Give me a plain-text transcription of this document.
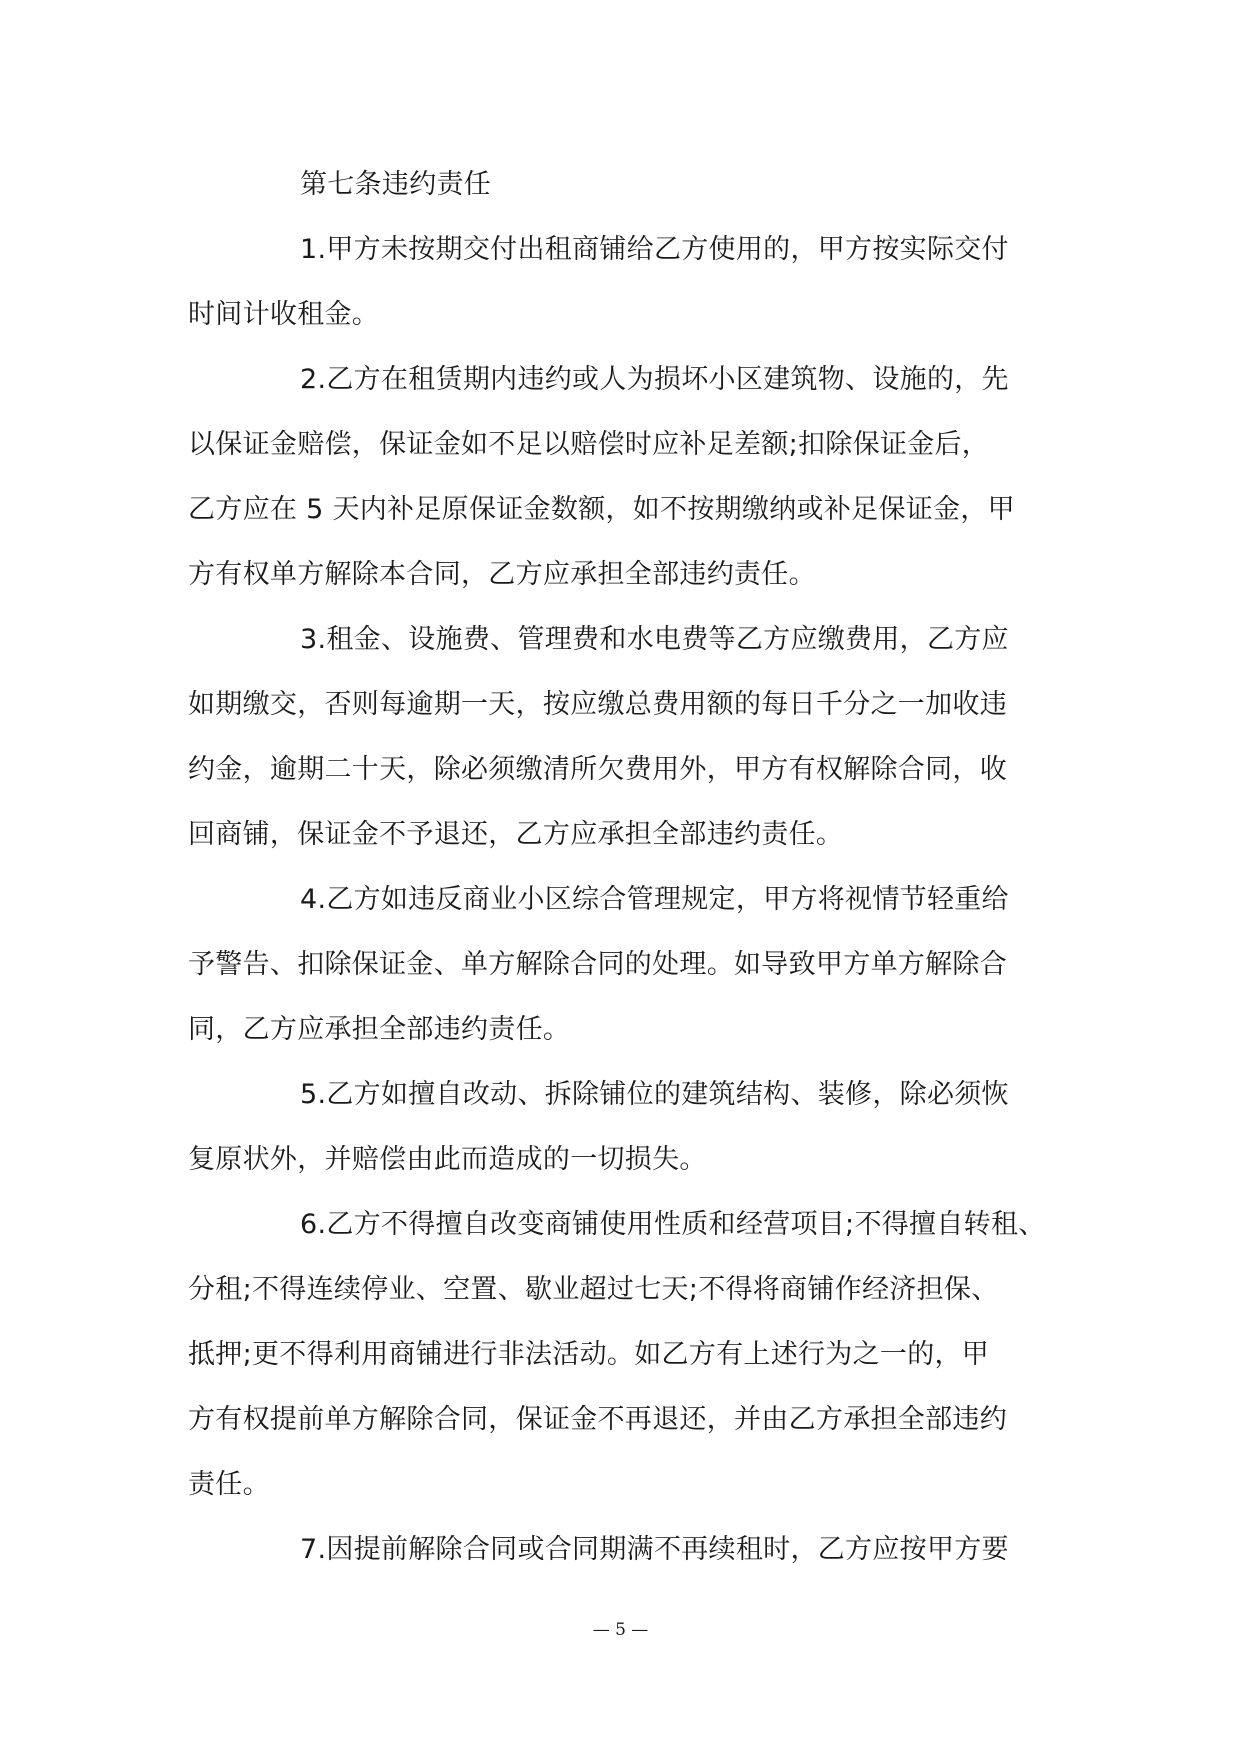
第七条违约责任
1.甲方未按期交付出租商铺给乙方使用的，甲方按实际交付
时间计收租金。
2.乙方在租赁期内违约或人为损坏小区建筑物、设施的，先
以保证金赔偿，保证金如不足以赔偿时应补足差额;扣除保证金后，
乙方应在 5 天内补足原保证金数额，如不按期缴纳或补足保证金，甲
方有权单方解除本合同，乙方应承担全部违约责任。
3.租金、设施费、管理费和水电费等乙方应缴费用，乙方应
如期缴交，否则每逾期一天，按应缴总费用额的每日千分之一加收违
约金，逾期二十天，除必须缴清所欠费用外，甲方有权解除合同，收
回商铺，保证金不予退还，乙方应承担全部违约责任。
4.乙方如违反商业小区综合管理规定，甲方将视情节轻重给
予警告、扣除保证金、单方解除合同的处理。如导致甲方单方解除合
同，乙方应承担全部违约责任。
5.乙方如擅自改动、拆除铺位的建筑结构、装修，除必须恢
复原状外，并赔偿由此而造成的一切损失。
6.乙方不得擅自改变商铺使用性质和经营项目;不得擅自转租、
分租;不得连续停业、空置、歇业超过七天;不得将商铺作经济担保、
抵押;更不得利用商铺进行非法活动。如乙方有上述行为之一的，甲
方有权提前单方解除合同，保证金不再退还，并由乙方承担全部违约
责任。
7.因提前解除合同或合同期满不再续租时，乙方应按甲方要
— 5 —
